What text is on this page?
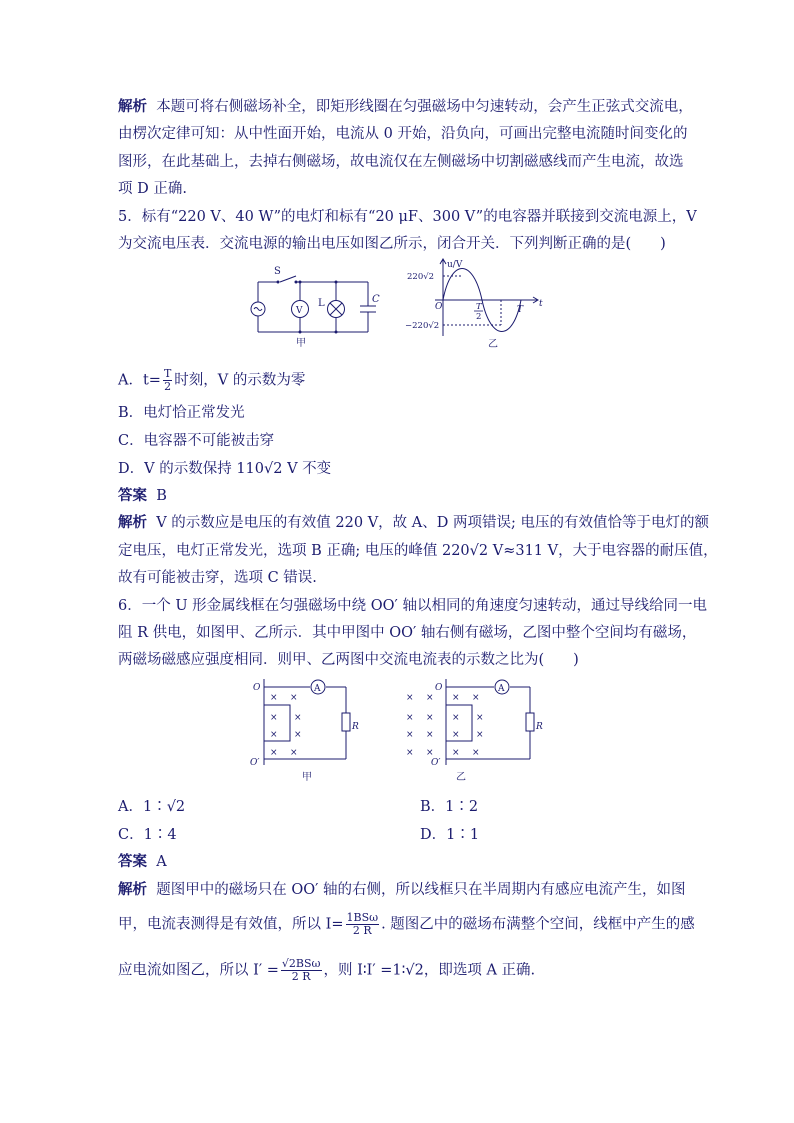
解析 本题可将右侧磁场补全，即矩形线圈在匀强磁场中匀速转动，会产生正弦式交流电，
由楞次定律可知：从中性面开始，电流从 0 开始，沿负向，可画出完整电流随时间变化的
图形，在此基础上，去掉右侧磁场，故电流仅在左侧磁场中切割磁感线而产生电流，故选
项 D 正确.
5．标有“220 V、40 W”的电灯和标有“20 μF、300 V”的电容器并联接到交流电源上，V
为交流电压表．交流电源的输出电压如图乙所示，闭合开关．下列判断正确的是(　　)
S
V
L	C
甲
u/V
220√2
−220√2
O	T
2
T
t
乙
A．$t= \frac{T}{2}$ 时刻，V 的示数为零
B．电灯恰正常发光
C．电容器不可能被击穿
D．V 的示数保持 110√2 V 不变
答案 B
解析 V 的示数应是电压的有效值 220 V，故 A、D 两项错误; 电压的有效值恰等于电灯的额
定电压，电灯正常发光，选项 B 正确; 电压的峰值 220√2 V≈311 V，大于电容器的耐压值，
故有可能被击穿，选项 C 错误.
6．一个 U 形金属线框在匀强磁场中绕 OO′ 轴以相同的角速度匀速转动，通过导线给同一电
阻 R 供电，如图甲、乙所示．其中甲图中 OO′ 轴右侧有磁场，乙图中整个空间均有磁场，
两磁场磁感应强度相同．则甲、乙两图中交流电流表的示数之比为(　　)
A
R
O
O′
× ×
× ×
× ×
× ×
甲
A
R
O
O′
× × × ×
× × × ×
× × × ×
× × × ×
乙
A．1∶√2	B．1∶2
C．1∶4	D．1∶1
答案 A
解析 题图甲中的磁场只在 OO′ 轴的右侧，所以线框只在半周期内有感应电流产生，如图
甲，电流表测得是有效值，所以 $I= \frac{\text{1BSω}}{2 R}$ . 题图乙中的磁场布满整个空间，线框中产生的感
应电流如图乙，所以 $I' = \frac{\text{√2BSω}}{2 R}$ ，则 I∶I′ =1∶√2，即选项 A 正确.
